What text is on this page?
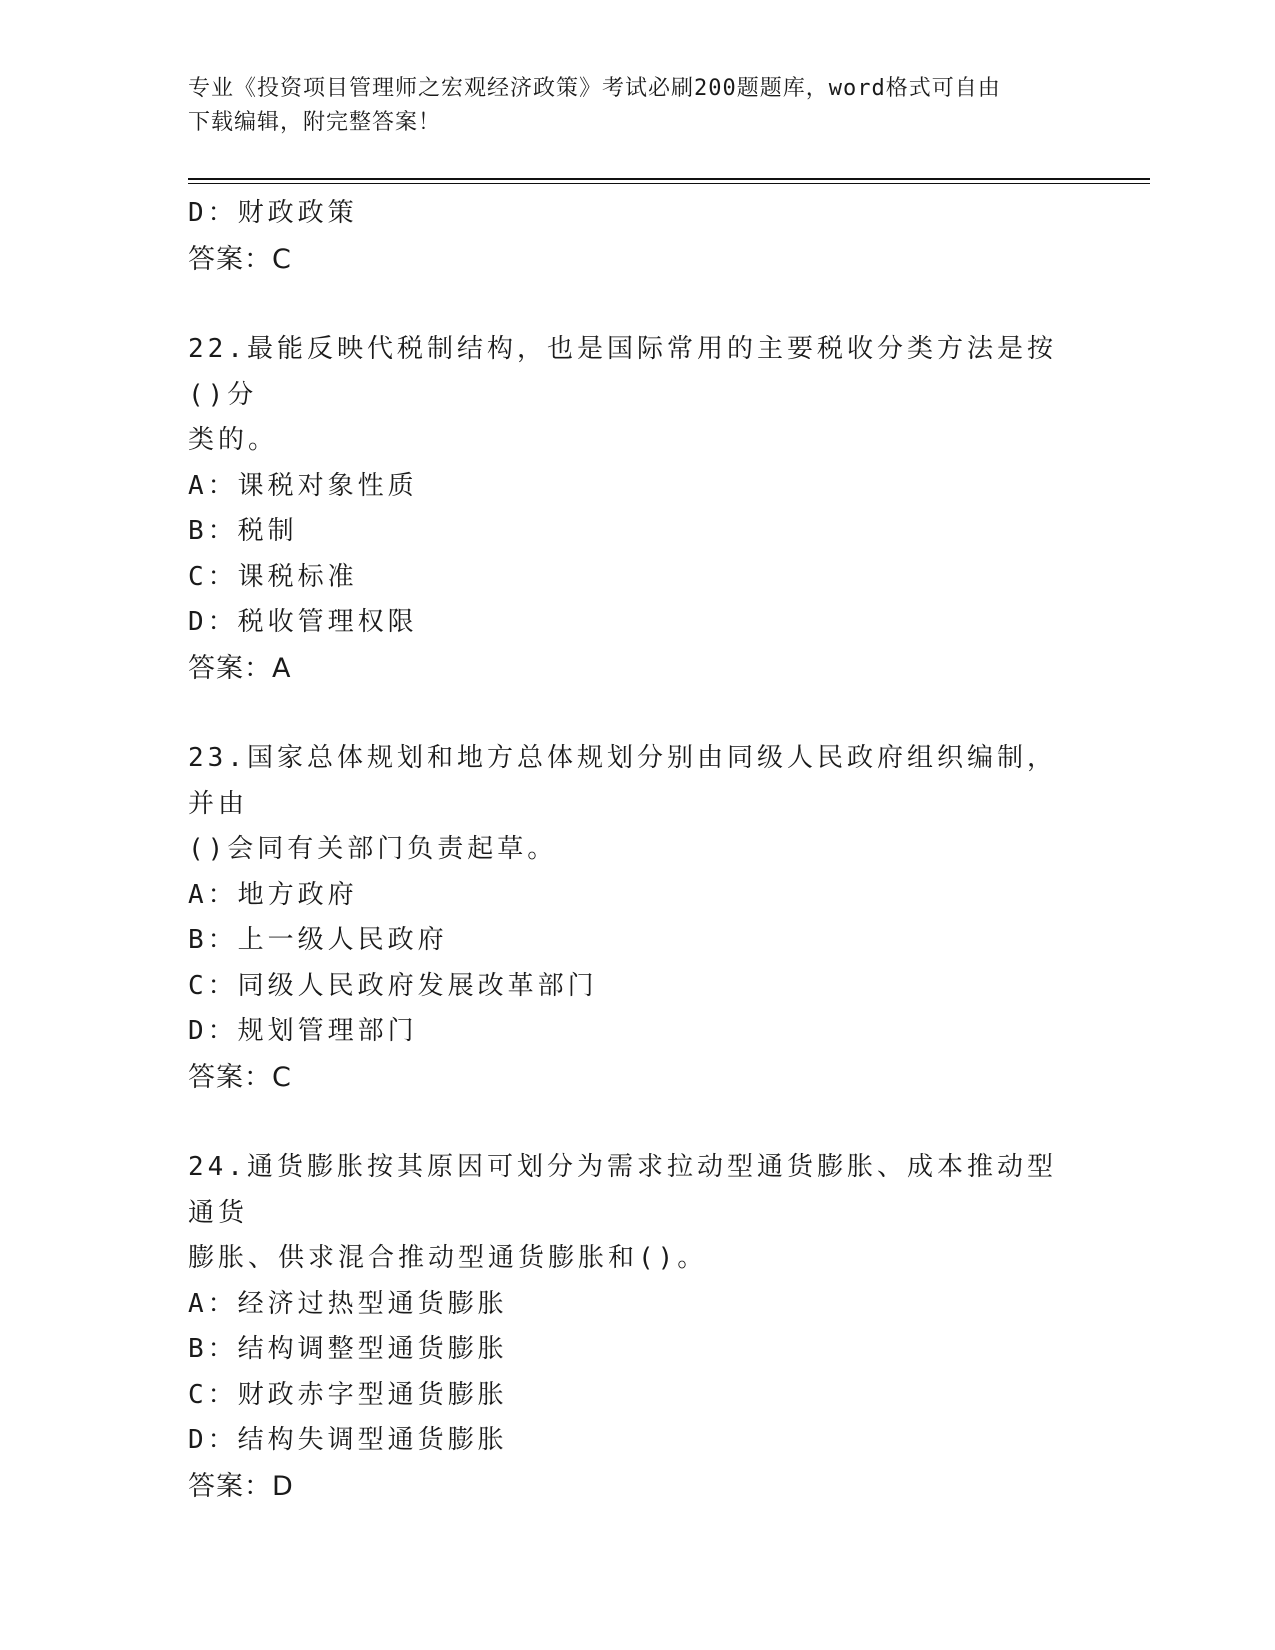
专业《投资项目管理师之宏观经济政策》考试必刷200题题库，word格式可自由
下载编辑，附完整答案！
D：财政政策
答案：C
22.最能反映代税制结构，也是国际常用的主要税收分类方法是按()分
类的。
A：课税对象性质
B：税制
C：课税标准
D：税收管理权限
答案：A
23.国家总体规划和地方总体规划分别由同级人民政府组织编制，并由
()会同有关部门负责起草。
A：地方政府
B：上一级人民政府
C：同级人民政府发展改革部门
D：规划管理部门
答案：C
24.通货膨胀按其原因可划分为需求拉动型通货膨胀、成本推动型通货
膨胀、供求混合推动型通货膨胀和()。
A：经济过热型通货膨胀
B：结构调整型通货膨胀
C：财政赤字型通货膨胀
D：结构失调型通货膨胀
答案：D
